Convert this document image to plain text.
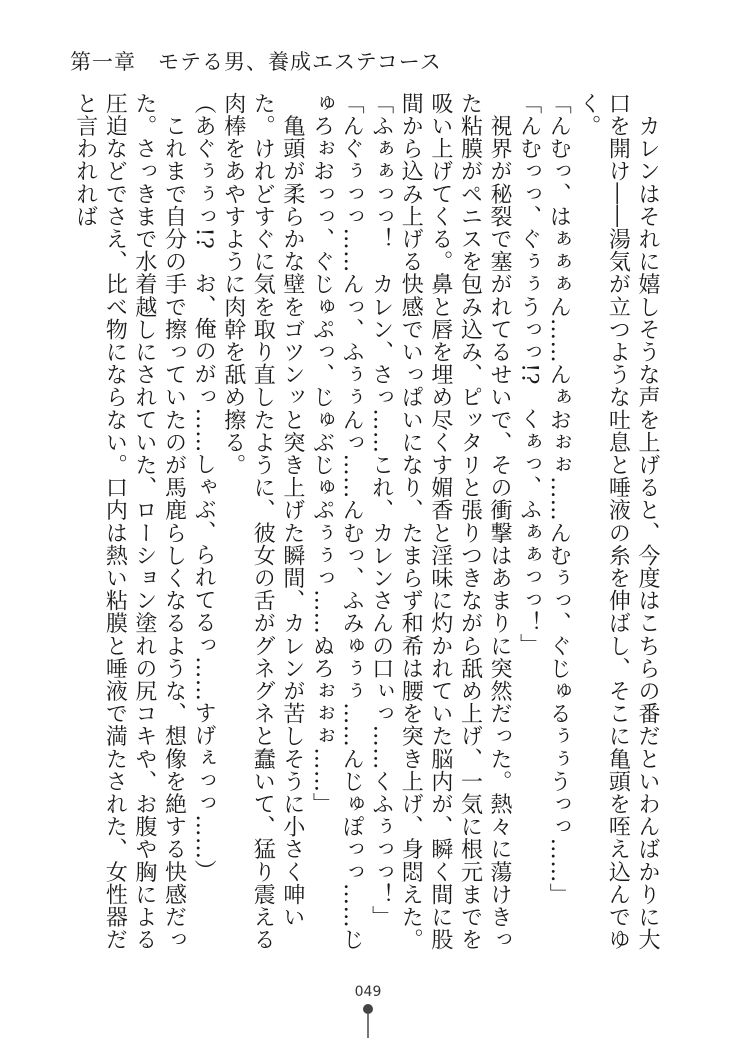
第一章　モテる男、養成エステコース

　カレンはそれに嬉しそうな声を上げると、今度はこちらの番だといわんばかりに大口を開け――湯気が立つような吐息と唾液の糸を伸ばし、そこに亀頭を咥え込んでゆく。

「んむっ、はぁぁぁん……んぁおぉぉ……んむぅっ、ぐじゅるぅぅうっっ……」

「んむっっ、ぐぅぅうっっ!?　くぁっ、ふぁぁっっ！」

　視界が秘裂で塞がれてるせいで、その衝撃はあまりに突然だった。熱々に蕩けきった粘膜がペニスを包み込み、ピッタリと張りつきながら舐め上げ、一気に根元までを吸い上げてくる。鼻と唇を埋め尽くす媚香と淫味に灼かれていた脳内が、瞬く間に股間から込み上げる快感でいっぱいになり、たまらず和希は腰を突き上げ、身悶えた。

「ふぁぁっっ！　カレン、さっ……これ、カレンさんの口ぃっ……くふぅっっ！」

「んぐぅっっ……んっ、ふぅぅんっ……んむっ、ふみゅぅぅ……んじゅぽっっ……じゅろぉおっっ、ぐじゅぷっ、じゅぶじゅぷぅぅっ……ぬろぉぉぉ……」

　亀頭が柔らかな壁をゴツンッと突き上げた瞬間、カレンが苦しそうに小さく呻いた。けれどすぐに気を取り直したように、彼女の舌がグネグネと蠢いて、猛り震える肉棒をあやすように肉幹を舐め擦る。

（あぐぅぅっ!?　お、俺のがっ……しゃぶ、られてるっ……すげぇっっ……）

　これまで自分の手で擦っていたのが馬鹿らしくなるような、想像を絶する快感だった。さっきまで水着越しにされていた、ローション塗れの尻コキや、お腹や胸による圧迫などでさえ、比べ物にならない。口内は熱い粘膜と唾液で満たされた、女性器だと言われれば

049
